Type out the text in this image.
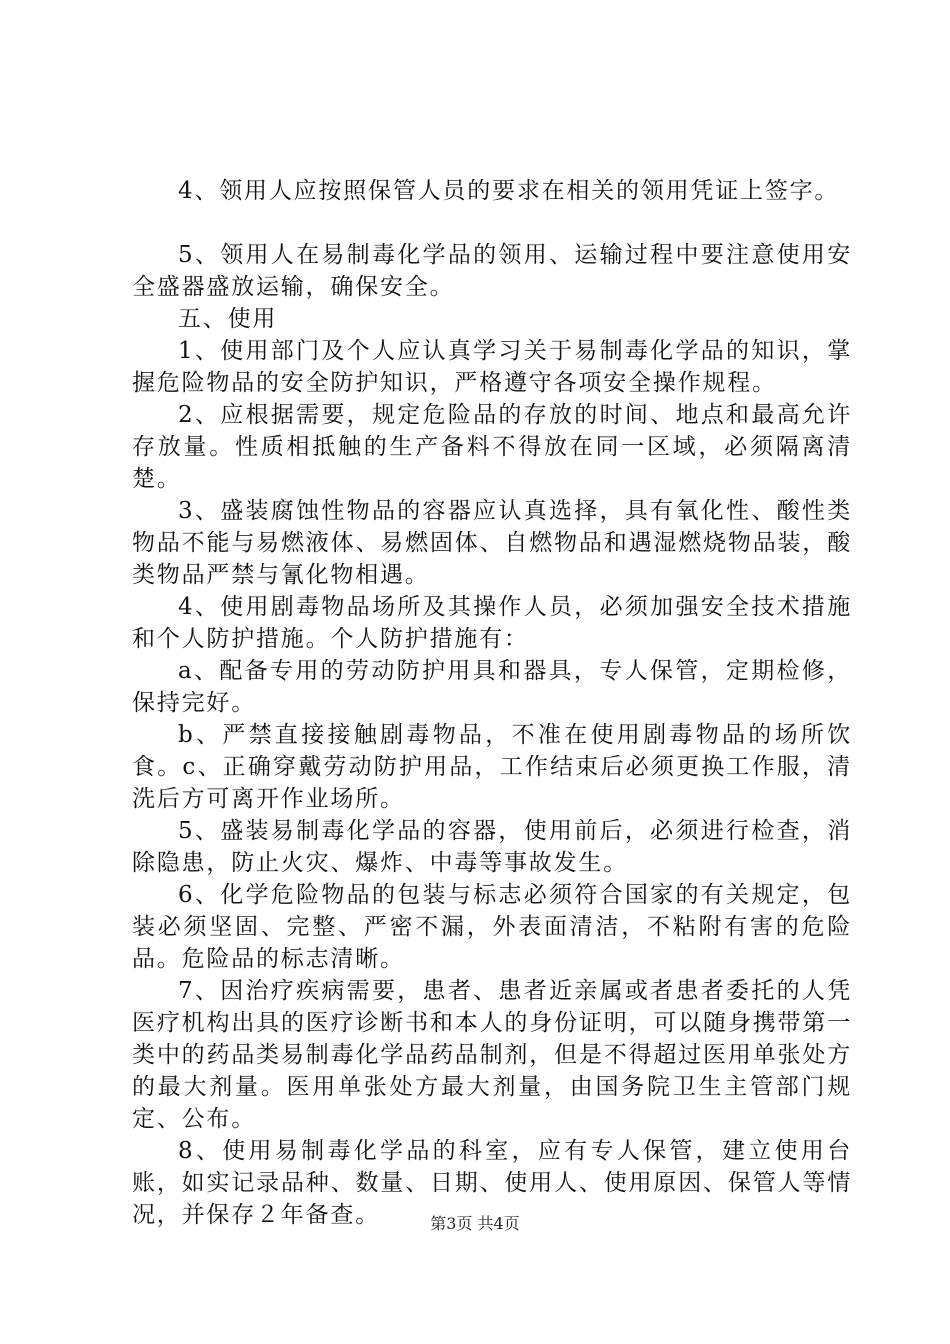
4、领用人应按照保管人员的要求在相关的领用凭证上签字。

5、领用人在易制毒化学品的领用、运输过程中要注意使用安全盛器盛放运输，确保安全。

五、使用

1、使用部门及个人应认真学习关于易制毒化学品的知识，掌握危险物品的安全防护知识，严格遵守各项安全操作规程。

2、应根据需要，规定危险品的存放的时间、地点和最高允许存放量。性质相抵触的生产备料不得放在同一区域，必须隔离清楚。

3、盛装腐蚀性物品的容器应认真选择，具有氧化性、酸性类物品不能与易燃液体、易燃固体、自燃物品和遇湿燃烧物品装，酸类物品严禁与氰化物相遇。

4、使用剧毒物品场所及其操作人员，必须加强安全技术措施和个人防护措施。个人防护措施有：

a、配备专用的劳动防护用具和器具，专人保管，定期检修，保持完好。

b、严禁直接接触剧毒物品，不准在使用剧毒物品的场所饮食。c、正确穿戴劳动防护用品，工作结束后必须更换工作服，清洗后方可离开作业场所。

5、盛装易制毒化学品的容器，使用前后，必须进行检查，消除隐患，防止火灾、爆炸、中毒等事故发生。

6、化学危险物品的包装与标志必须符合国家的有关规定，包装必须坚固、完整、严密不漏，外表面清洁，不粘附有害的危险品。危险品的标志清晰。

7、因治疗疾病需要，患者、患者近亲属或者患者委托的人凭医疗机构出具的医疗诊断书和本人的身份证明，可以随身携带第一类中的药品类易制毒化学品药品制剂，但是不得超过医用单张处方的最大剂量。医用单张处方最大剂量，由国务院卫生主管部门规定、公布。

8、使用易制毒化学品的科室，应有专人保管，建立使用台账，如实记录品种、数量、日期、使用人、使用原因、保管人等情况，并保存２年备查。	第3页 共4页
